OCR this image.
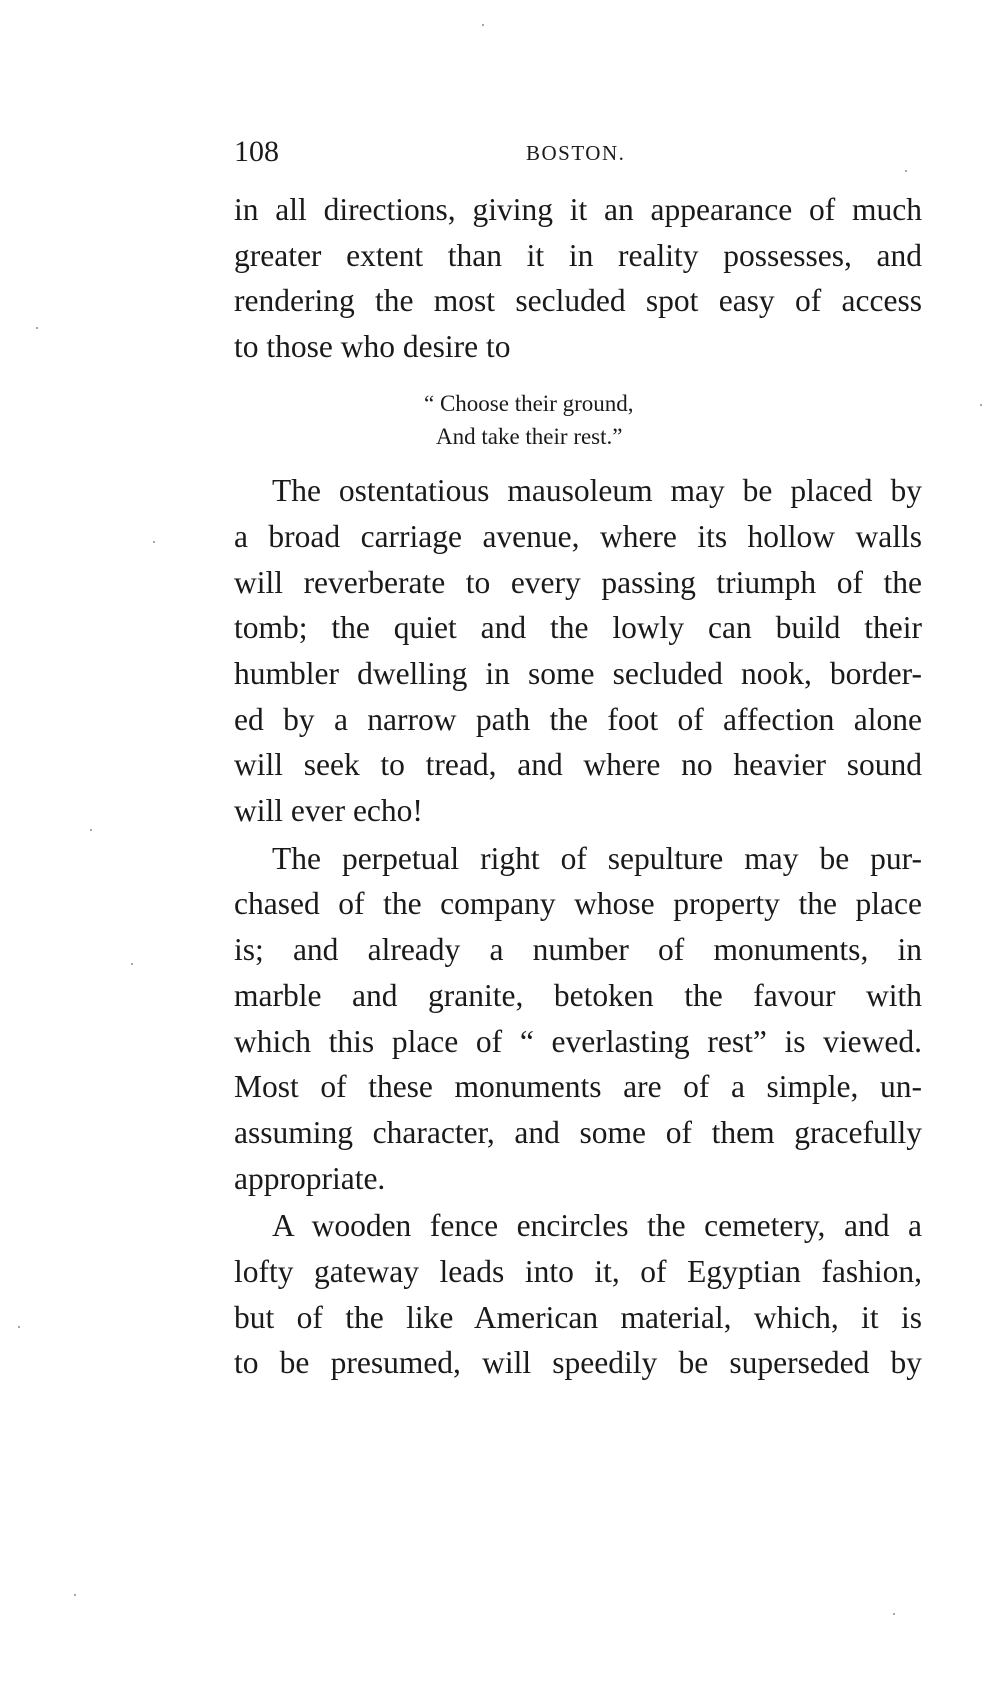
108	BOSTON.
in all directions, giving it an appearance of much
greater extent than it in reality possesses, and
rendering the most secluded spot easy of access
to those who desire to
“ Choose their ground,
And take their rest.”
The ostentatious mausoleum may be placed by
a broad carriage avenue, where its hollow walls
will reverberate to every passing triumph of the
tomb; the quiet and the lowly can build their
humbler dwelling in some secluded nook, border-
ed by a narrow path the foot of affection alone
will seek to tread, and where no heavier sound
will ever echo!
The perpetual right of sepulture may be pur-
chased of the company whose property the place
is; and already a number of monuments, in
marble and granite, betoken the favour with
which this place of “ everlasting rest” is viewed.
Most of these monuments are of a simple, un-
assuming character, and some of them gracefully
appropriate.
A wooden fence encircles the cemetery, and a
lofty gateway leads into it, of Egyptian fashion,
but of the like American material, which, it is
to be presumed, will speedily be superseded by
